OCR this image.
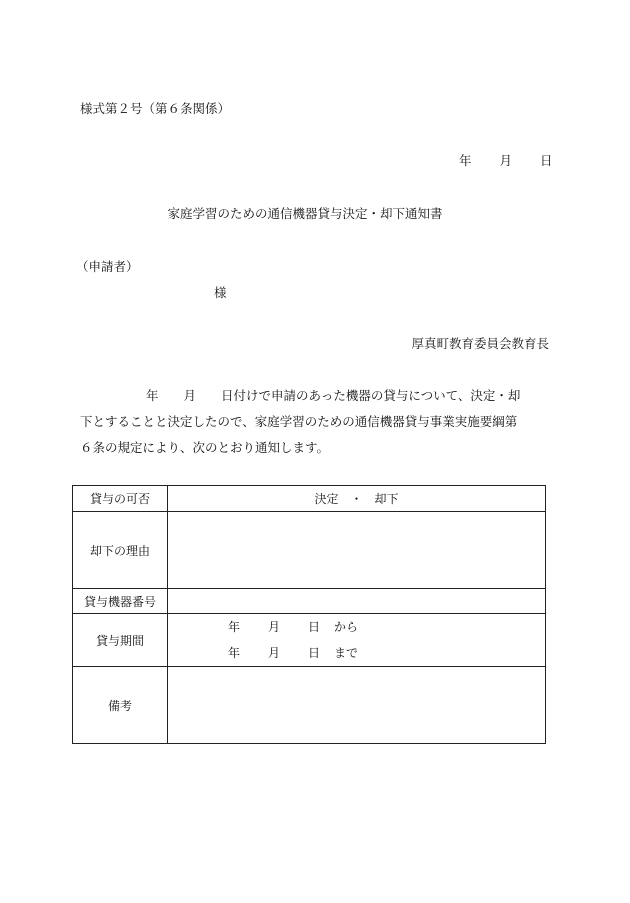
様式第２号（第６条関係）
年 月 日
家庭学習のための通信機器貸与決定・却下通知書
（申請者）
様
厚真町教育委員会教育長

年　　月　　日付けで申請のあった機器の貸与について、決定・却

下とすることと決定したので、家庭学習のための通信機器貸与事業実施要綱第

６条の規定により、次のとおり通知します。

貸与の可否	決定　・　却下
却下の理由	
貸与機器番号	
貸与期間	年 月 日 から
年 月 日 まで

備考	
